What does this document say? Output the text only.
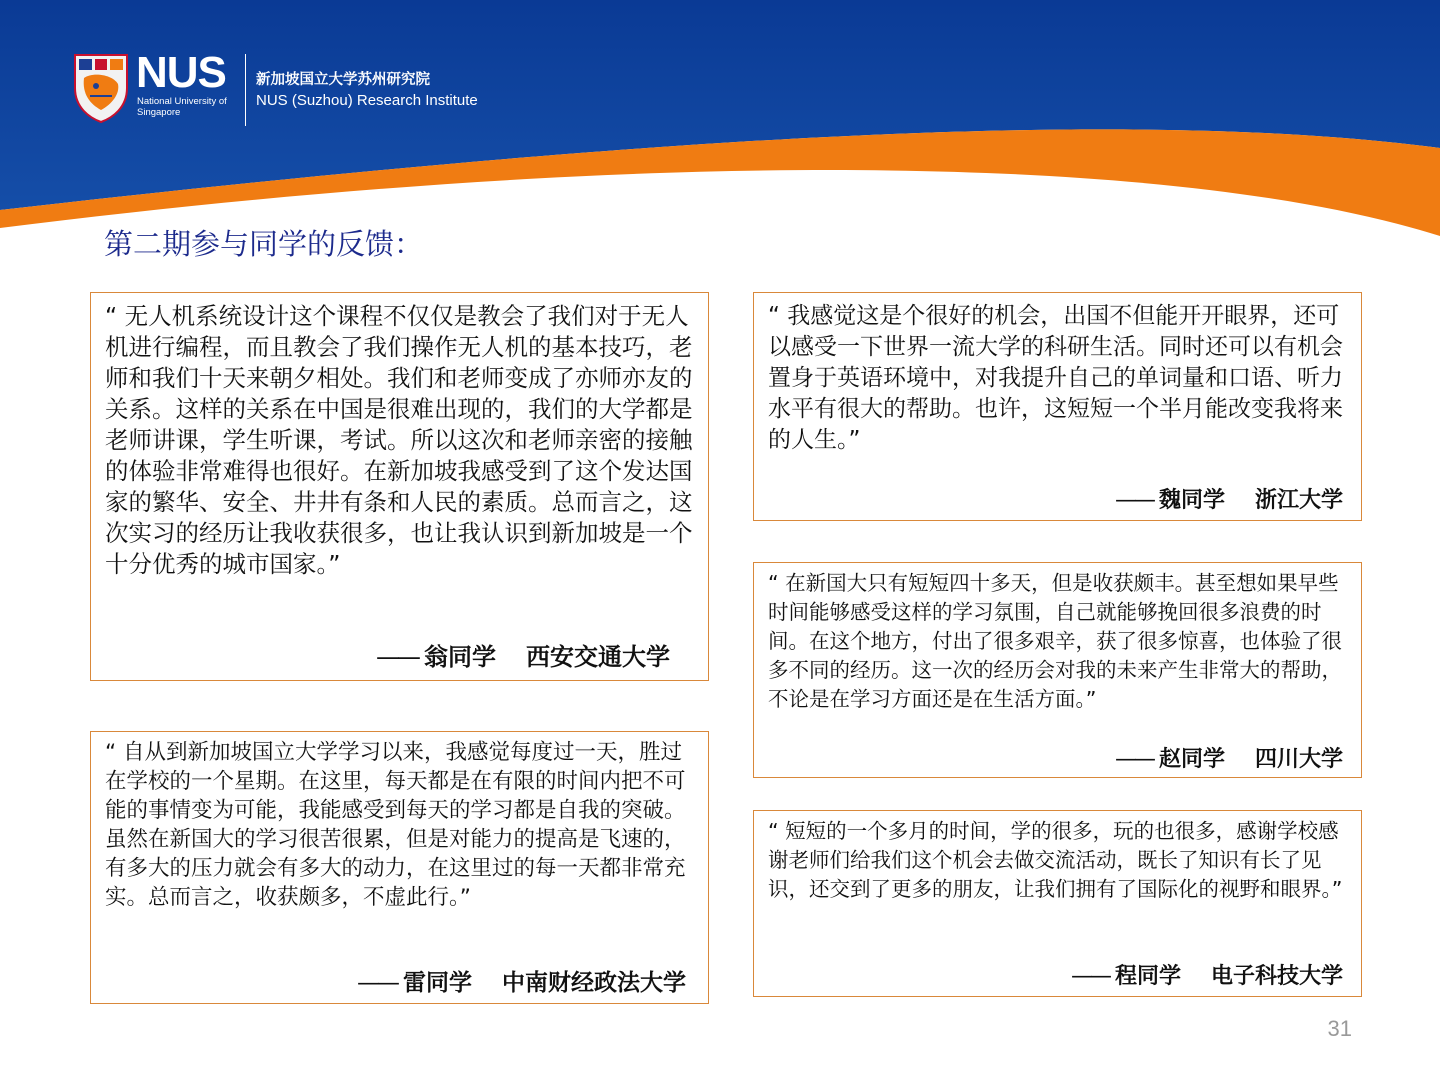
NUS
National University of Singapore
新加坡国立大学苏州研究院
NUS (Suzhou) Research Institute
第二期参与同学的反馈：

“ 无人机系统设计这个课程不仅仅是教会了我们对于无人机进行编程，而且教会了我们操作无人机的基本技巧，老师和我们十天来朝夕相处。我们和老师变成了亦师亦友的关系。这样的关系在中国是很难出现的，我们的大学都是老师讲课，学生听课，考试。所以这次和老师亲密的接触的体验非常难得也很好。在新加坡我感受到了这个发达国家的繁华、安全、井井有条和人民的素质。总而言之，这次实习的经历让我收获很多，也让我认识到新加坡是一个十分优秀的城市国家。”

—— 翁同学 西安交通大学

“ 自从到新加坡国立大学学习以来，我感觉每度过一天，胜过在学校的一个星期。在这里，每天都是在有限的时间内把不可能的事情变为可能，我能感受到每天的学习都是自我的突破。虽然在新国大的学习很苦很累，但是对能力的提高是飞速的，有多大的压力就会有多大的动力，在这里过的每一天都非常充实。总而言之，收获颇多，不虚此行。”

—— 雷同学 中南财经政法大学

“ 我感觉这是个很好的机会，出国不但能开开眼界，还可以感受一下世界一流大学的科研生活。同时还可以有机会置身于英语环境中，对我提升自己的单词量和口语、听力水平有很大的帮助。也许，这短短一个半月能改变我将来的人生。”

—— 魏同学 浙江大学

“ 在新国大只有短短四十多天，但是收获颇丰。甚至想如果早些时间能够感受这样的学习氛围，自己就能够挽回很多浪费的时间。在这个地方，付出了很多艰辛，获了很多惊喜，也体验了很多不同的经历。这一次的经历会对我的未来产生非常大的帮助，不论是在学习方面还是在生活方面。”

—— 赵同学 四川大学

“ 短短的一个多月的时间，学的很多，玩的也很多，感谢学校感谢老师们给我们这个机会去做交流活动，既长了知识有长了见识，还交到了更多的朋友，让我们拥有了国际化的视野和眼界。”

—— 程同学 电子科技大学
31
